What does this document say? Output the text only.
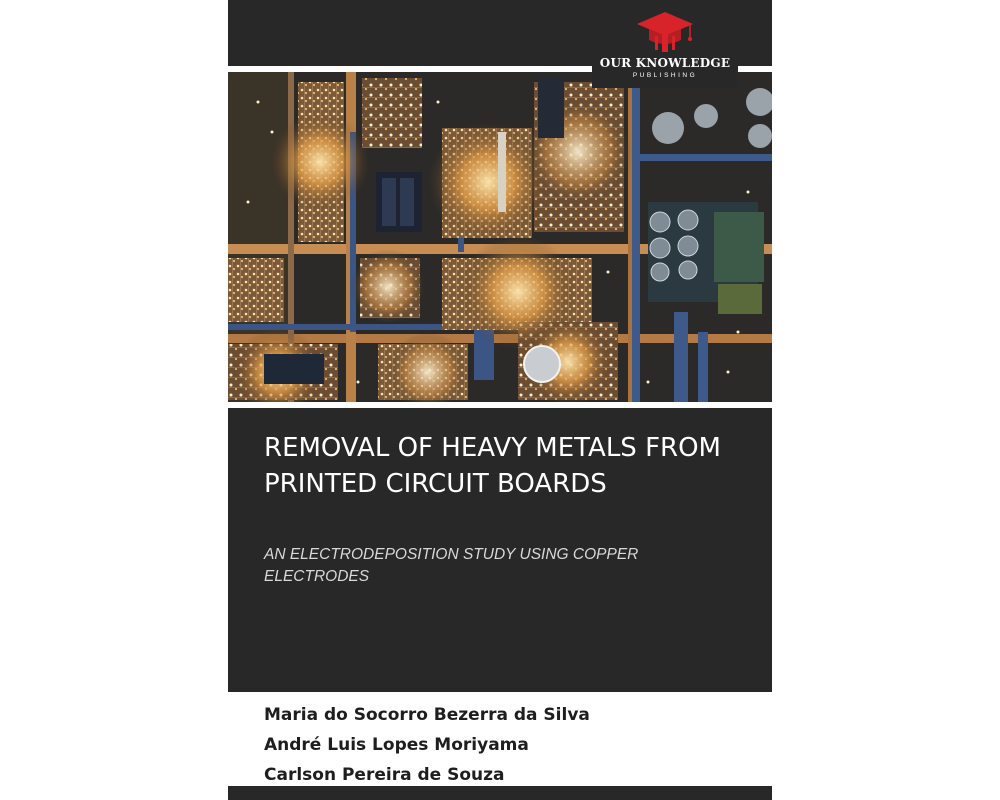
OUR KNOWLEDGE
PUBLISHING
REMOVAL OF HEAVY METALS FROM PRINTED CIRCUIT BOARDS

AN ELECTRODEPOSITION STUDY USING COPPER ELECTRODES

Maria do Socorro Bezerra da Silva
André Luis Lopes Moriyama
Carlson Pereira de Souza
